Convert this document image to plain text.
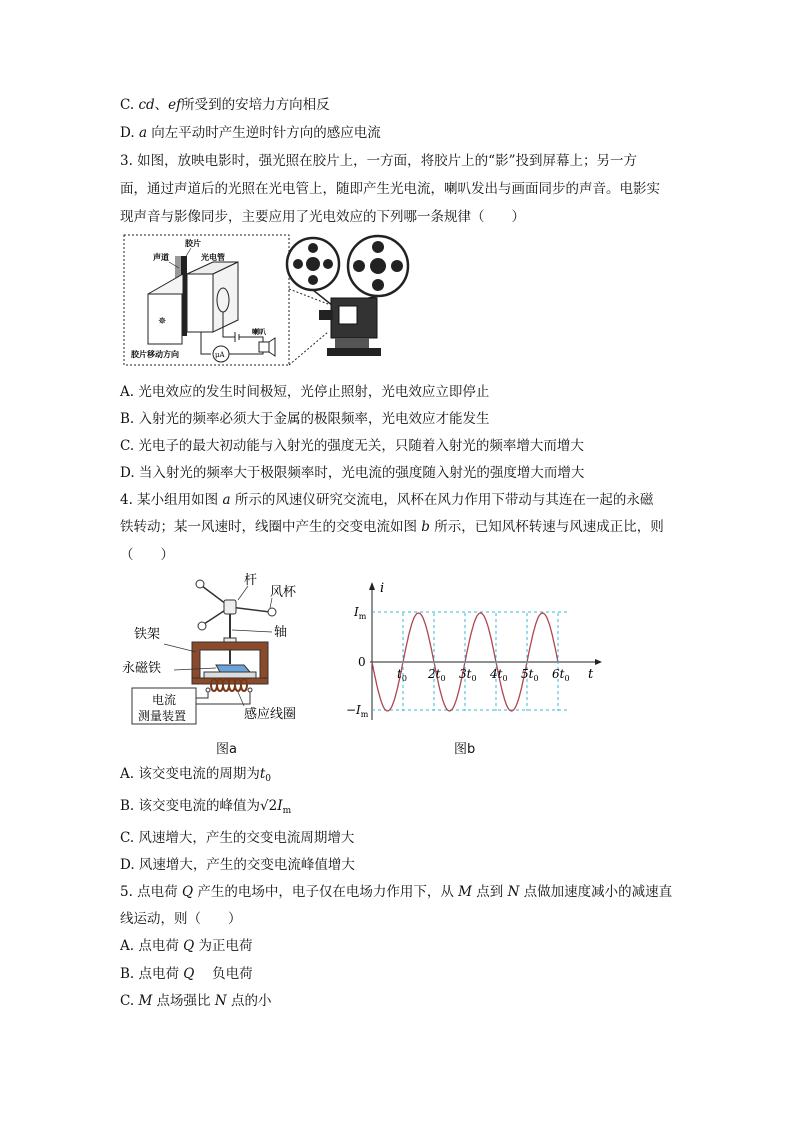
C. cd、ef所受到的安培力方向相反
D. a 向左平动时产生逆时针方向的感应电流
3. 如图，放映电影时，强光照在胶片上，一方面，将胶片上的“影”投到屏幕上；另一方
面，通过声道后的光照在光电管上，随即产生光电流，喇叭发出与画面同步的声音。电影实
现声音与影像同步，主要应用了光电效应的下列哪一条规律（　　）
✵
胶片
声道	光电管
喇叭
μA
胶片移动方向
A. 光电效应的发生时间极短，光停止照射，光电效应立即停止
B. 入射光的频率必须大于金属的极限频率，光电效应才能发生
C. 光电子的最大初动能与入射光的强度无关，只随着入射光的频率增大而增大
D. 当入射光的频率大于极限频率时，光电流的强度随入射光的强度增大而增大
4. 某小组用如图 a 所示的风速仪研究交流电，风杯在风力作用下带动与其连在一起的永磁
铁转动；某一风速时，线圈中产生的交变电流如图 b 所示，已知风杯转速与风速成正比，则
（　　）
杆
风杯
轴
铁架
永磁铁
电流
测量装置	感应线圈
图a
i
t
$I_m$
$-I_m$
0
$t_0$ $2t_0$ $3t_0$ $4t_0$ $5t_0$ $6t_0$
图b
A. 该交变电流的周期为$t_0$
B. 该交变电流的峰值为$√2I_m$
C. 风速增大，产生的交变电流周期增大
D. 风速增大，产生的交变电流峰值增大
5. 点电荷 Q 产生的电场中，电子仅在电场力作用下，从 M 点到 N 点做加速度减小的减速直
线运动，则（　　）
A. 点电荷 Q 为正电荷
B. 点电荷 Q　 负电荷
C. M 点场强比 N 点的小
